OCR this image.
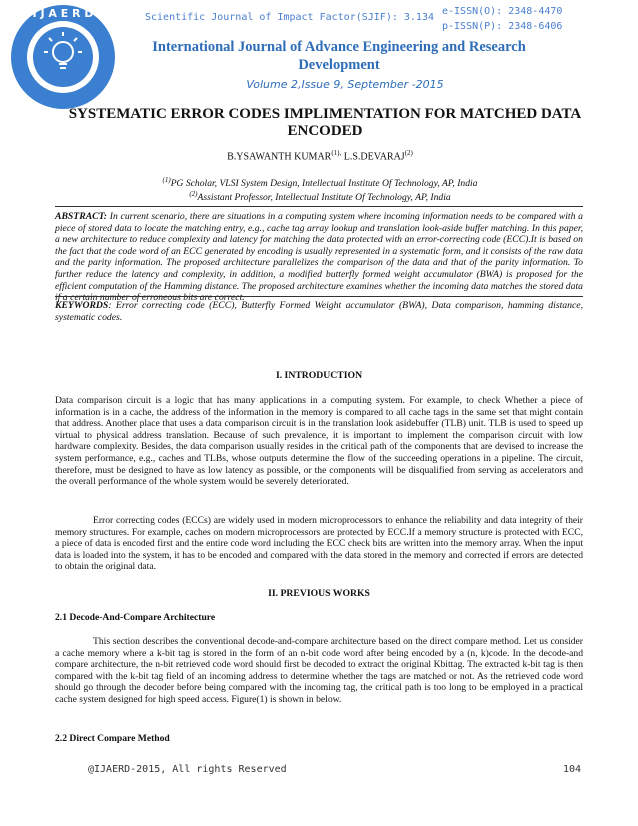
I J A E R D	Scientific Journal of Impact Factor(SJIF): 3.134
e-ISSN(O): 2348-4470
p-ISSN(P): 2348-6406
International Journal of Advance Engineering and Research
Development
Volume 2,Issue 9, September -2015
SYSTEMATIC ERROR CODES IMPLIMENTATION FOR MATCHED DATA ENCODED
B.YSAWANTH $KUMAR^{(1),}$ L.S.DEVARAJ$^{(2)}$
$^{(1)}$PG Scholar, VLSI System Design, Intellectual Institute Of Technology, AP, India
$^{(2)}$Assistant Professor, Intellectual Institute Of Technology, AP, India
ABSTRACT: In current scenario, there are situations in a computing system where incoming information needs to be compared with a piece of stored data to locate the matching entry, e.g., cache tag array lookup and translation look-aside buffer matching. In this paper, a new architecture to reduce complexity and latency for matching the data protected with an error-correcting code (ECC).It is based on the fact that the code word of an ECC generated by encoding is usually represented in a systematic form, and it consists of the raw data and the parity information. The proposed architecture parallelizes the comparison of the data and that of the parity information. To further reduce the latency and complexity, in addition, a modified butterfly formed weight accumulator (BWA) is proposed for the efficient computation of the Hamming distance. The proposed architecture examines whether the incoming data matches the stored data if a certain number of erroneous bits are correct.
KEYWORDS: Error correcting code (ECC), Butterfly Formed Weight accumulator (BWA), Data comparison, hamming distance, systematic codes.
I. INTRODUCTION
Data comparison circuit is a logic that has many applications in a computing system. For example, to check Whether a piece of information is in a cache, the address of the information in the memory is compared to all cache tags in the same set that might contain that address. Another place that uses a data comparison circuit is in the translation look asidebuffer (TLB) unit. TLB is used to speed up virtual to physical address translation. Because of such prevalence, it is important to implement the comparison circuit with low hardware complexity. Besides, the data comparison usually resides in the critical path of the components that are devised to increase the system performance, e.g., caches and TLBs, whose outputs determine the flow of the succeeding operations in a pipeline. The circuit, therefore, must be designed to have as low latency as possible, or the components will be disqualified from serving as accelerators and the overall performance of the whole system would be severely deteriorated.
Error correcting codes (ECCs) are widely used in modern microprocessors to enhance the reliability and data integrity of their memory structures. For example, caches on modern microprocessors are protected by ECC.If a memory structure is protected with ECC, a piece of data is encoded first and the entire code word including the ECC check bits are written into the memory array. When the input data is loaded into the system, it has to be encoded and compared with the data stored in the memory and corrected if errors are detected to obtain the original data.
II. PREVIOUS WORKS
2.1 Decode-And-Compare Architecture
This section describes the conventional decode-and-compare architecture based on the direct compare method. Let us consider a cache memory where a k-bit tag is stored in the form of an n-bit code word after being encoded by a (n, k)code. In the decode-and compare architecture, the n-bit retrieved code word should first be decoded to extract the original Kbittag. The extracted k-bit tag is then compared with the k-bit tag field of an incoming address to determine whether the tags are matched or not. As the retrieved code word should go through the decoder before being compared with the incoming tag, the critical path is too long to be employed in a practical cache system designed for high speed access. Figure(1) is shown in below.
2.2 Direct Compare Method
@IJAERD-2015, All rights Reserved	104
